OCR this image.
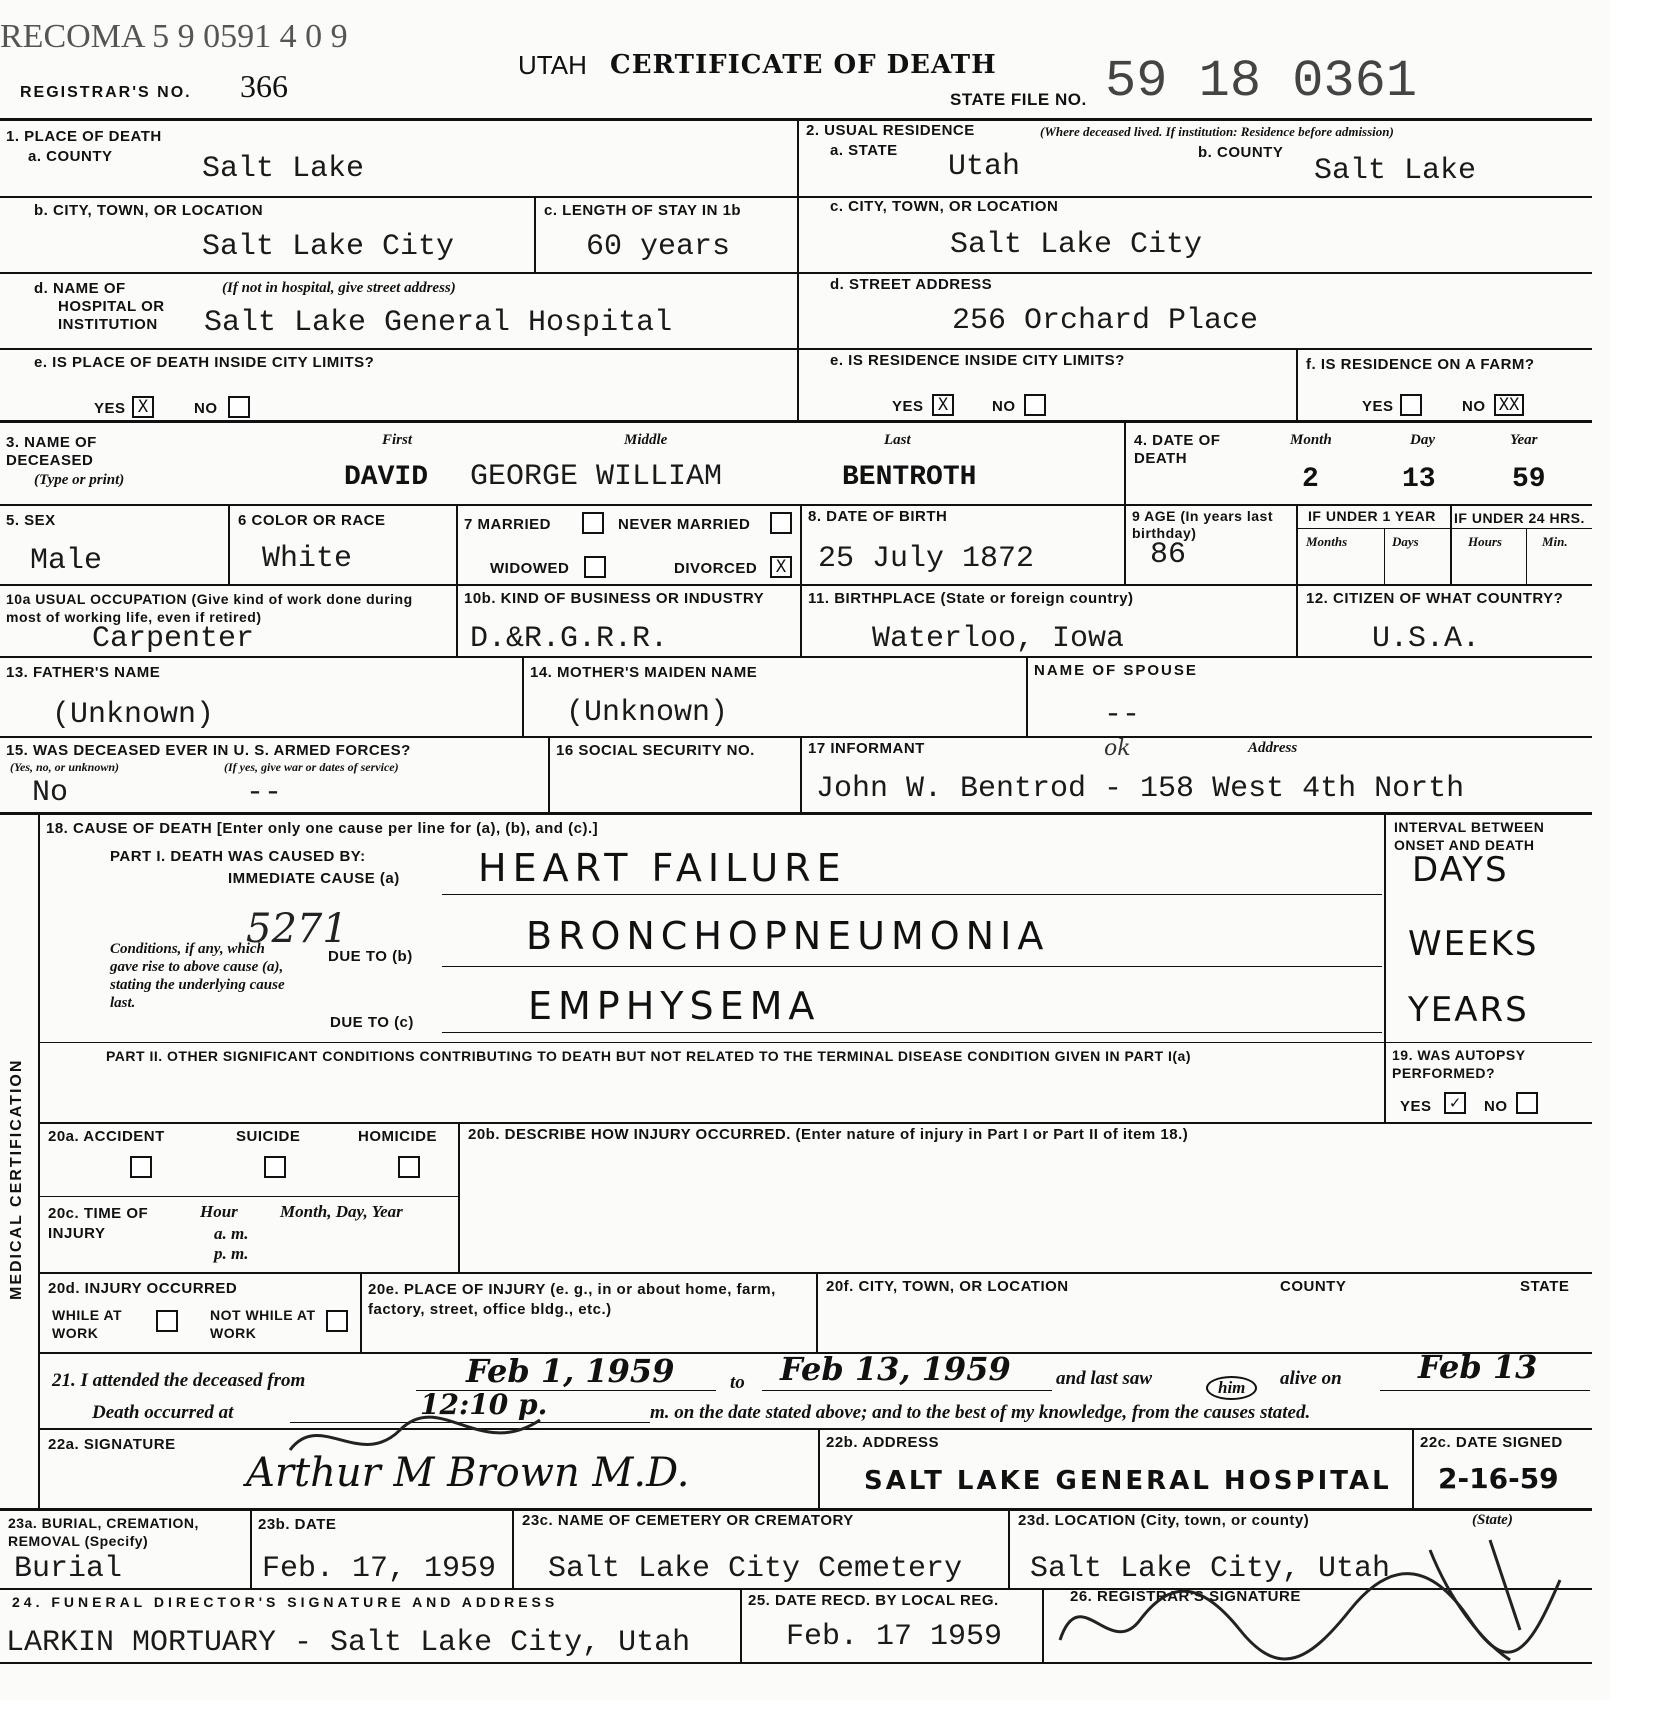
RECOMA 5 9 0591 4 0 9
REGISTRAR'S NO. 366
UTAH CERTIFICATE OF DEATH
STATE FILE NO. 59 18 0361
1. PLACE OF DEATH
a. COUNTY	Salt Lake
2. USUAL RESIDENCE	(Where deceased lived. If institution: Residence before admission)
a. STATE Utah	b. COUNTY
Salt Lake
b. CITY, TOWN, OR LOCATION
Salt Lake City
c. LENGTH OF STAY IN 1b
60 years
c. CITY, TOWN, OR LOCATION
Salt Lake City
d. NAME OF
HOSPITAL OR
INSTITUTION
(If not in hospital, give street address)
Salt Lake General Hospital
d. STREET ADDRESS
256 Orchard Place
e. IS PLACE OF DEATH INSIDE CITY LIMITS?
YES X	NO
e. IS RESIDENCE INSIDE CITY LIMITS?
YES X	NO
f. IS RESIDENCE ON A FARM?
YES	NO XX
3. NAME OF DECEASED
(Type or print)
First	Middle	Last
DAVID GEORGE WILLIAM	BENTROTH
4. DATE OF DEATH
Month	Day	Year
2	13	59
5. SEX
Male
6 COLOR OR RACE
White
7 MARRIED	NEVER MARRIED
WIDOWED	DIVORCED	X
8. DATE OF BIRTH
25 July 1872
9 AGE (In years last birthday)
86
IF UNDER 1 YEAR IF UNDER 24 HRS.
Months	Days	Hours	Min.
10a USUAL OCCUPATION (Give kind of work done during most of working life, even if retired)
Carpenter
10b. KIND OF BUSINESS OR INDUSTRY
D.&R.G.R.R.
11. BIRTHPLACE (State or foreign country)
Waterloo, Iowa
12. CITIZEN OF WHAT COUNTRY?
U.S.A.
13. FATHER'S NAME
(Unknown)
14. MOTHER'S MAIDEN NAME
(Unknown)
NAME OF SPOUSE
--
15. WAS DECEASED EVER IN U. S. ARMED FORCES?
(Yes, no, or unknown)	(If yes, give war or dates of service)
No	--
16 SOCIAL SECURITY NO.	17 INFORMANT	ok	Address
John W. Bentrod - 158 West 4th North
MEDICAL CERTIFICATION
18. CAUSE OF DEATH [Enter only one cause per line for (a), (b), and (c).]
PART I. DEATH WAS CAUSED BY:
IMMEDIATE CAUSE (a) HEART FAILURE
Conditions, if any, which gave rise to above cause (a), stating the underlying cause last.
5271
DUE TO (b)	BRONCHOPNEUMONIA
DUE TO (c)	EMPHYSEMA
INTERVAL BETWEEN ONSET AND DEATH
DAYS
WEEKS
YEARS
PART II. OTHER SIGNIFICANT CONDITIONS CONTRIBUTING TO DEATH BUT NOT RELATED TO THE TERMINAL DISEASE CONDITION GIVEN IN PART I(a)	19. WAS AUTOPSY PERFORMED?
YES	✓	NO
20a. ACCIDENT	SUICIDE	HOMICIDE 20b. DESCRIBE HOW INJURY OCCURRED. (Enter nature of injury in Part I or Part II of item 18.)
20c. TIME OF INJURY
Hour
a. m. p. m.
Month, Day, Year
20d. INJURY OCCURRED
WHILE AT WORK
NOT WHILE AT WORK
20e. PLACE OF INJURY (e. g., in or about home, farm, factory, street, office bldg., etc.)
20f. CITY, TOWN, OR LOCATION	COUNTY	STATE
21. I attended the deceased from	Feb 1, 1959	to Feb 13, 1959 and last saw	him	alive on Feb 13
Death occurred at	12:10 p.	m. on the date stated above; and to the best of my knowledge, from the causes stated.
22a. SIGNATURE
Arthur M Brown M.D.
22b. ADDRESS
SALT LAKE GENERAL HOSPITAL
22c. DATE SIGNED
2-16-59
23a. BURIAL, CREMATION, REMOVAL (Specify)
Burial
23b. DATE
Feb. 17, 1959
23c. NAME OF CEMETERY OR CREMATORY
Salt Lake City Cemetery
23d. LOCATION (City, town, or county)	(State)
Salt Lake City, Utah
24. FUNERAL DIRECTOR'S SIGNATURE AND ADDRESS
LARKIN MORTUARY - Salt Lake City, Utah
25. DATE RECD. BY LOCAL REG.
Feb. 17 1959
26. REGISTRAR'S SIGNATURE
